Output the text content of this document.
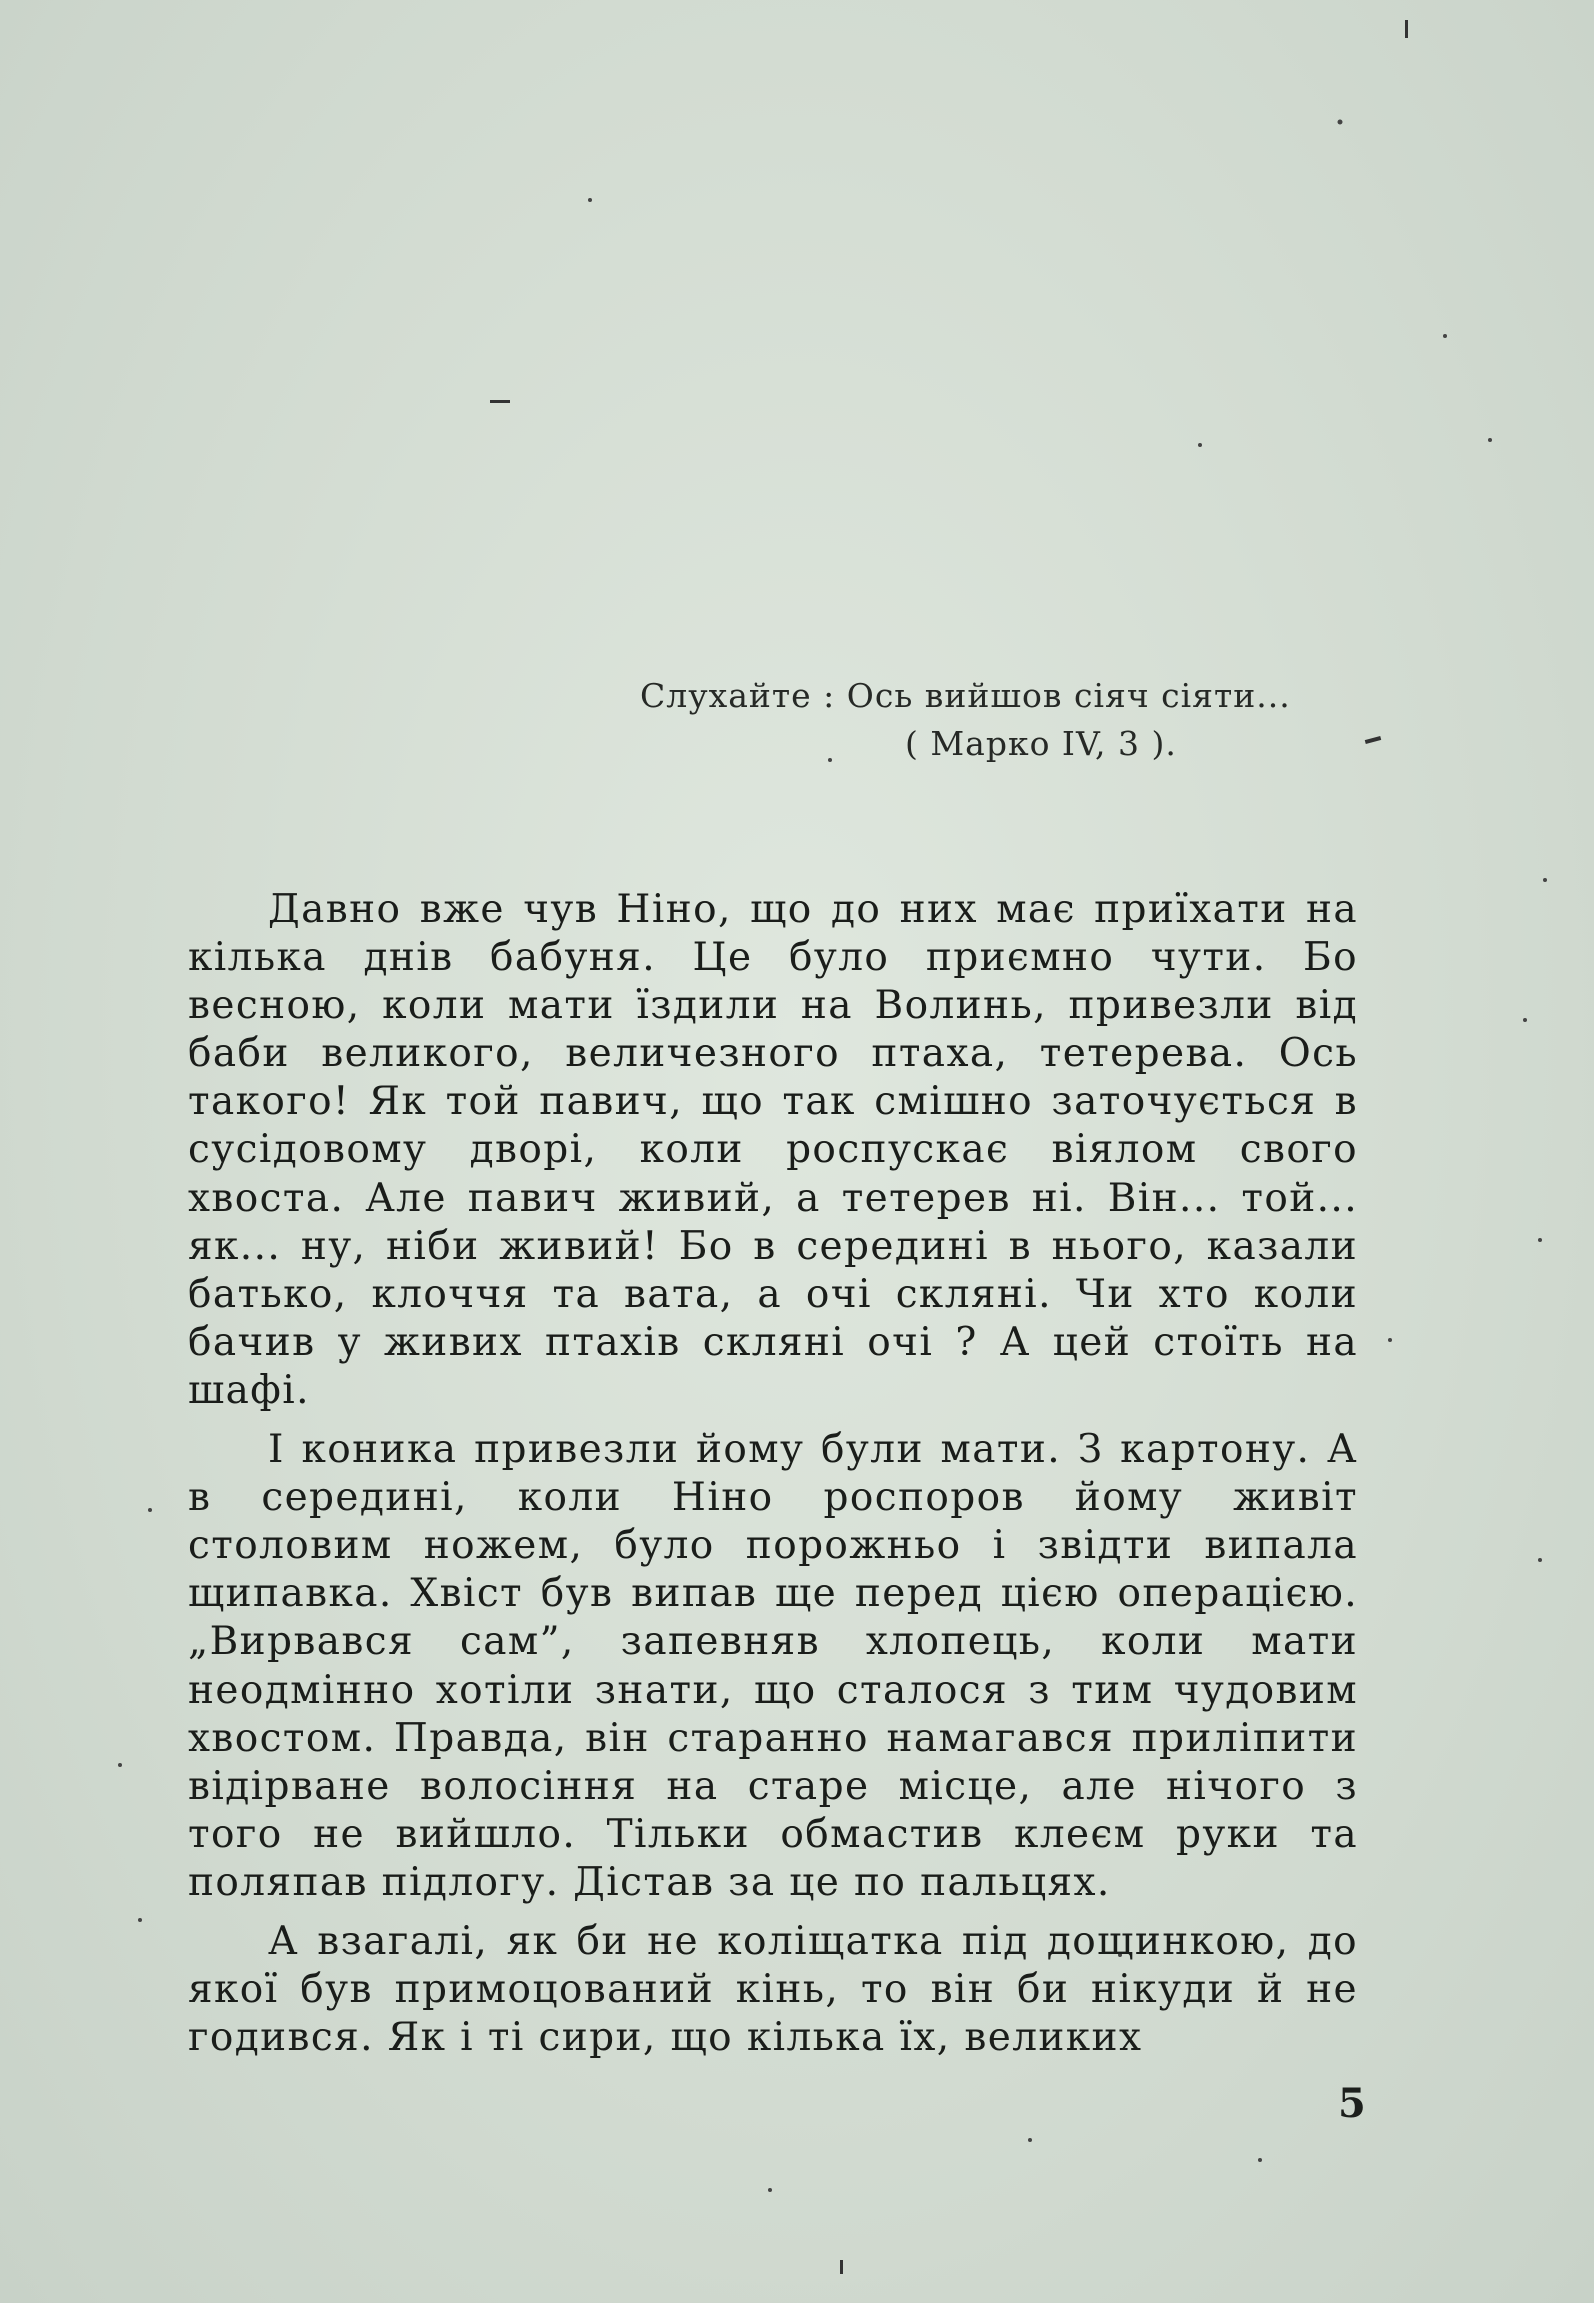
Слухайте : Ось вийшов сіяч сіяти...
( Марко IV, 3 ).

Давно вже чув Ніно, що до них має приїхати на кілька днів бабуня. Це було приємно чути. Бо весною, коли мати їздили на Волинь, привезли від баби великого, величезного птаха, тетерева. Ось такого! Як той павич, що так смішно заточується в сусідовому дворі, коли роспускає віялом свого хвоста. Але павич живий, а тетерев ні. Він... той... як... ну, ніби живий! Бо в середині в нього, казали батько, клоччя та вата, а очі скляні. Чи хто коли бачив у живих птахів скляні очі ? А цей стоїть на шафі.

І коника привезли йому були мати. З картону. А в середині, коли Ніно роспоров йому живіт столовим ножем, було порожньо і звідти випала щипавка. Хвіст був випав ще перед цією операцією. „Вирвався сам”, запевняв хлопець, коли мати неодмінно хотіли знати, що сталося з тим чудовим хвостом. Правда, він старанно намагався приліпити відірване волосіння на старе місце, але нічого з того не вийшло. Тільки обмастив клеєм руки та поляпав підлогу. Дістав за це по пальцях.

А взагалі, як би не коліщатка під дощинкою, до якої був примоцований кінь, то він би нікуди й не годився. Як і ті сири, що кілька їх, великих

5
